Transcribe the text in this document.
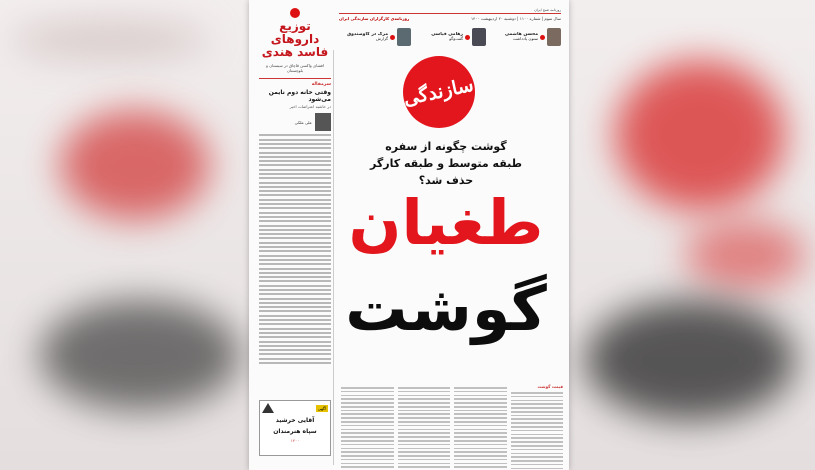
روزنامه صبح ایران
سال سوم | شماره ۱۱۰۰ | دوشنبه ۲۰ اردیبهشت ۱۴۰۰
روزنامه‌ی کارگزاران سازندگی ایران
محسن هاشمی
ستون یادداشت
رهامی قیاسی
گفت‌وگو
مرگ در گاوصندوق
گزارش
توزیع داروهای فاسد هندی
افشای واکسن قاچاق در سیستان و بلوچستان
سرمقاله
وقتی خانه دوم نایمن می‌شود
در حاشیه اعتراضات اخیر
علی ملکی
آگهی
آقایی خرشید
سپاه هنرمندان
۱۴۰۰
سازندگی
گوشت چگونه از سفره
طبقه متوسط و طبقه کارگر حذف شد؟
طغیان
گوشت
قیمت گوشت
